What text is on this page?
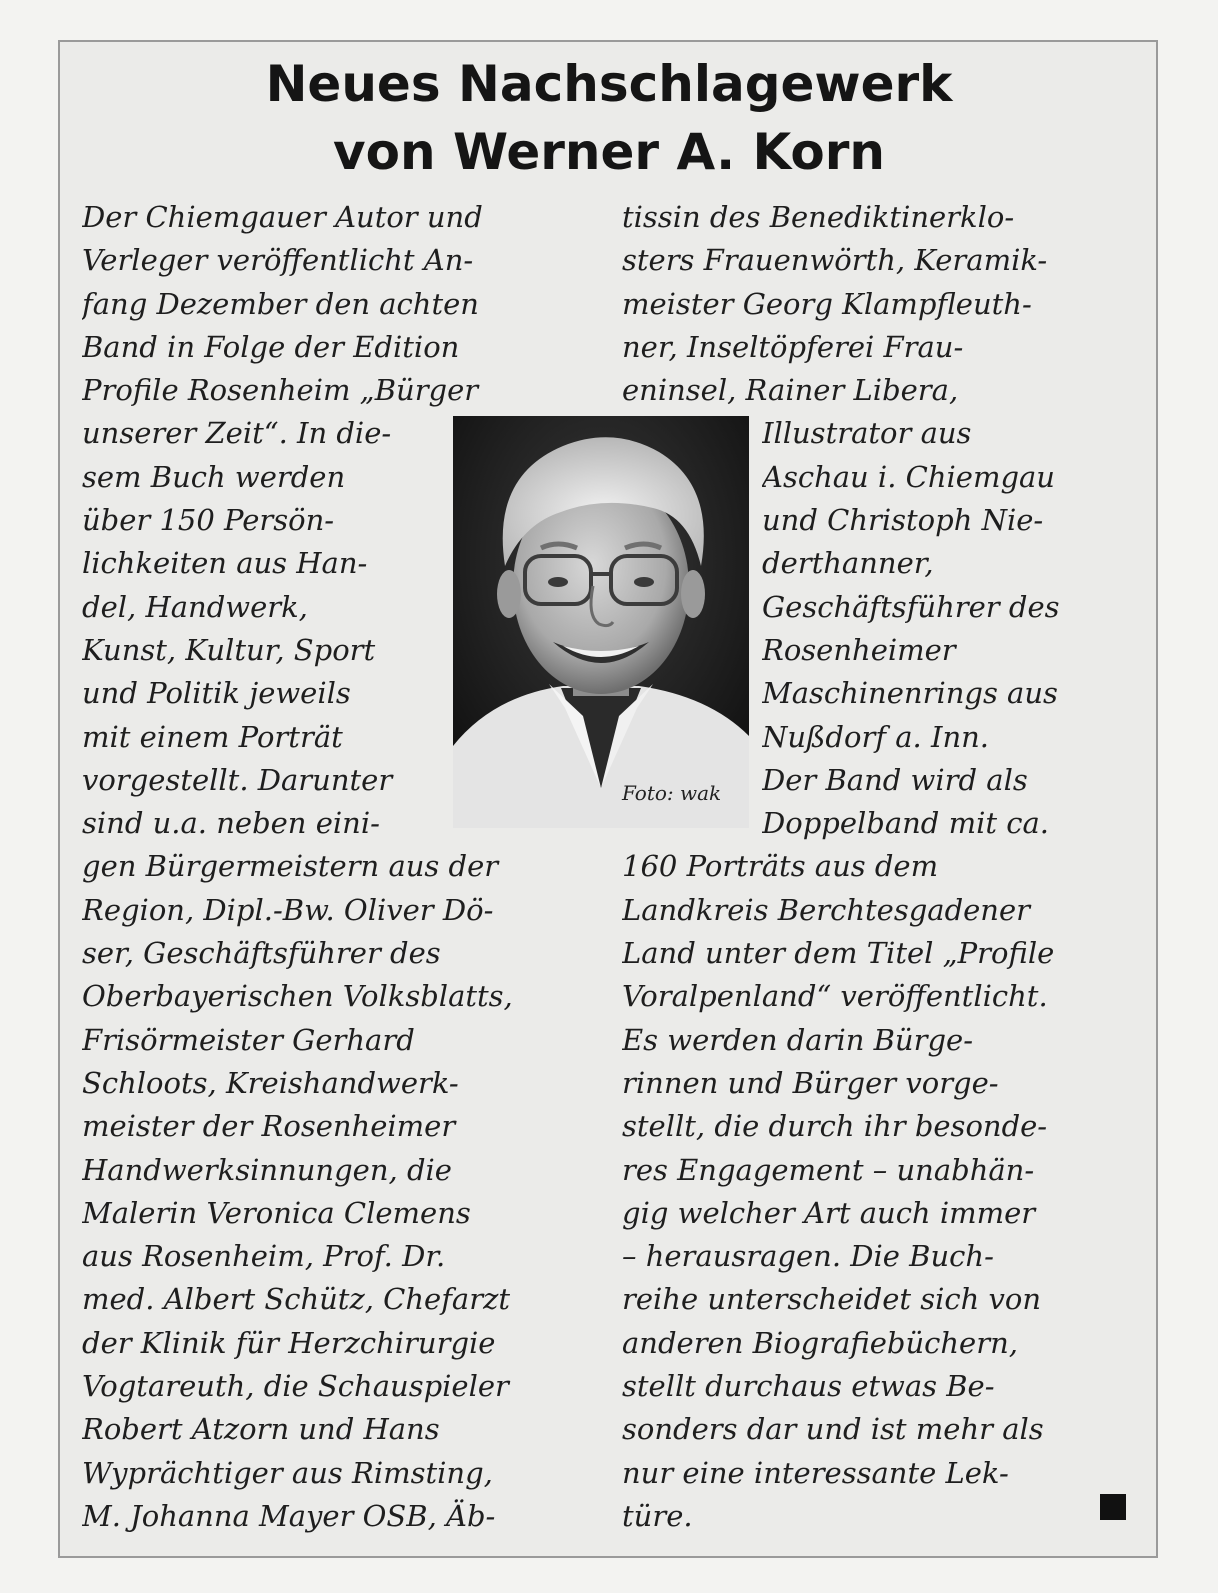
Neues Nachschlagewerk
von Werner A. Korn
Der Chiemgauer Autor und
Verleger veröffentlicht An-
fang Dezember den achten
Band in Folge der Edition
Profile Rosenheim „Bürger
unserer Zeit“. In die-
sem Buch werden
über 150 Persön-
lichkeiten aus Han-
del, Handwerk,
Kunst, Kultur, Sport
und Politik jeweils
mit einem Porträt
vorgestellt. Darunter
sind u.a. neben eini-
gen Bürgermeistern aus der
Region, Dipl.-Bw. Oliver Dö-
ser, Geschäftsführer des
Oberbayerischen Volksblatts,
Frisörmeister Gerhard
Schloots, Kreishandwerk-
meister der Rosenheimer
Handwerksinnungen, die
Malerin Veronica Clemens
aus Rosenheim, Prof. Dr.
med. Albert Schütz, Chefarzt
der Klinik für Herzchirurgie
Vogtareuth, die Schauspieler
Robert Atzorn und Hans
Wyprächtiger aus Rimsting,
M. Johanna Mayer OSB, Äb-
tissin des Benediktinerklo-
sters Frauenwörth, Keramik-
meister Georg Klampfleuth-
ner, Inseltöpferei Frau-
eninsel, Rainer Libera,
Illustrator aus
Aschau i. Chiemgau
und Christoph Nie-
derthanner,
Geschäftsführer des
Rosenheimer
Maschinenrings aus
Nußdorf a. Inn.
Der Band wird als
Doppelband mit ca.
160 Porträts aus dem
Landkreis Berchtesgadener
Land unter dem Titel „Profile
Voralpenland“ veröffentlicht.
Es werden darin Bürge-
rinnen und Bürger vorge-
stellt, die durch ihr besonde-
res Engagement – unabhän-
gig welcher Art auch immer
– herausragen. Die Buch-
reihe unterscheidet sich von
anderen Biografiebüchern,
stellt durchaus etwas Be-
sonders dar und ist mehr als
nur eine interessante Lek-
türe.
Foto: wak
